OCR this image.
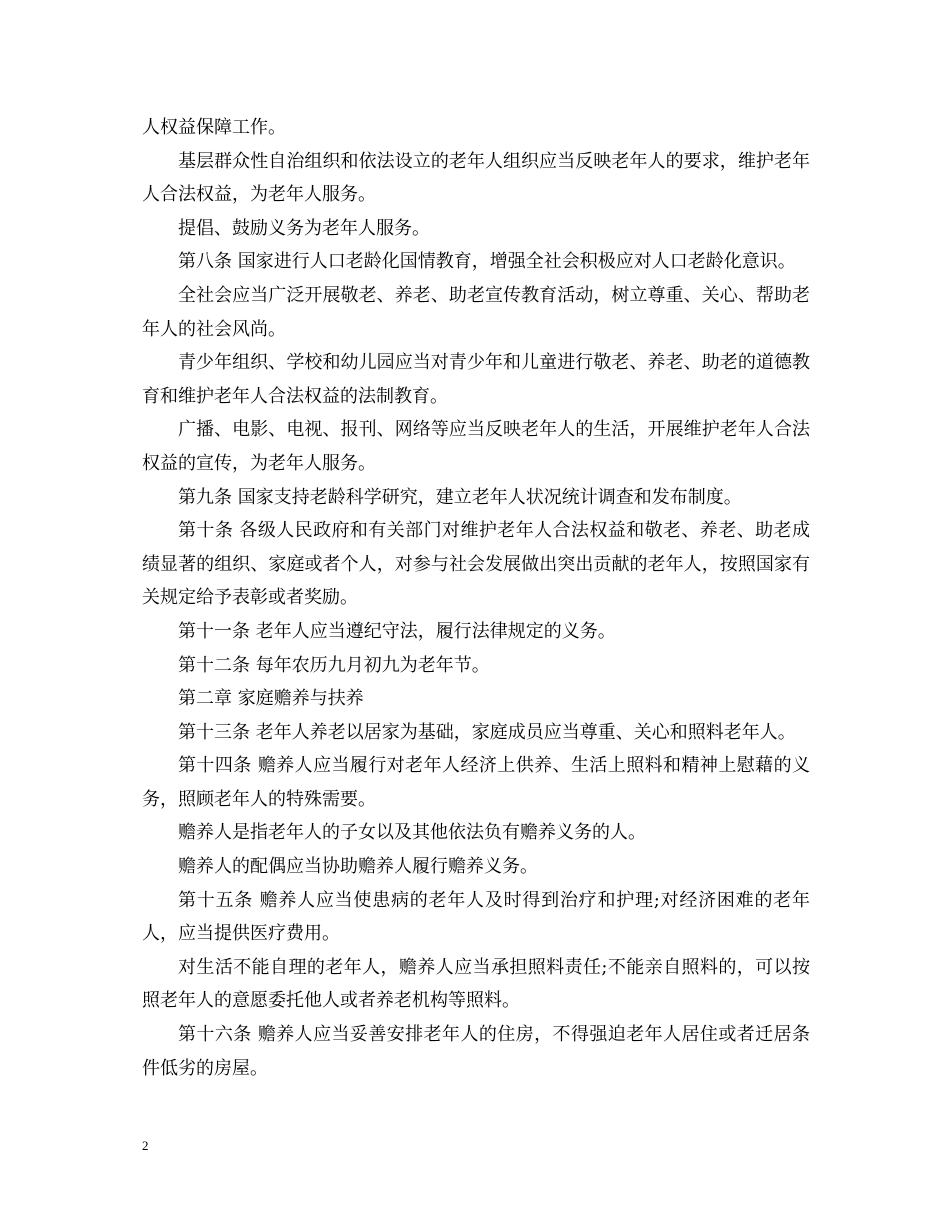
人权益保障工作。

基层群众性自治组织和依法设立的老年人组织应当反映老年人的要求，维护老年人合法权益，为老年人服务。

提倡、鼓励义务为老年人服务。

第八条 国家进行人口老龄化国情教育，增强全社会积极应对人口老龄化意识。

全社会应当广泛开展敬老、养老、助老宣传教育活动，树立尊重、关心、帮助老年人的社会风尚。

青少年组织、学校和幼儿园应当对青少年和儿童进行敬老、养老、助老的道德教育和维护老年人合法权益的法制教育。

广播、电影、电视、报刊、网络等应当反映老年人的生活，开展维护老年人合法权益的宣传，为老年人服务。

第九条 国家支持老龄科学研究，建立老年人状况统计调查和发布制度。

第十条 各级人民政府和有关部门对维护老年人合法权益和敬老、养老、助老成绩显著的组织、家庭或者个人，对参与社会发展做出突出贡献的老年人，按照国家有关规定给予表彰或者奖励。

第十一条 老年人应当遵纪守法，履行法律规定的义务。

第十二条 每年农历九月初九为老年节。

第二章 家庭赡养与扶养

第十三条 老年人养老以居家为基础，家庭成员应当尊重、关心和照料老年人。

第十四条 赡养人应当履行对老年人经济上供养、生活上照料和精神上慰藉的义务，照顾老年人的特殊需要。

赡养人是指老年人的子女以及其他依法负有赡养义务的人。

赡养人的配偶应当协助赡养人履行赡养义务。

第十五条 赡养人应当使患病的老年人及时得到治疗和护理;对经济困难的老年人，应当提供医疗费用。

对生活不能自理的老年人，赡养人应当承担照料责任;不能亲自照料的，可以按照老年人的意愿委托他人或者养老机构等照料。

第十六条 赡养人应当妥善安排老年人的住房，不得强迫老年人居住或者迁居条件低劣的房屋。

2
